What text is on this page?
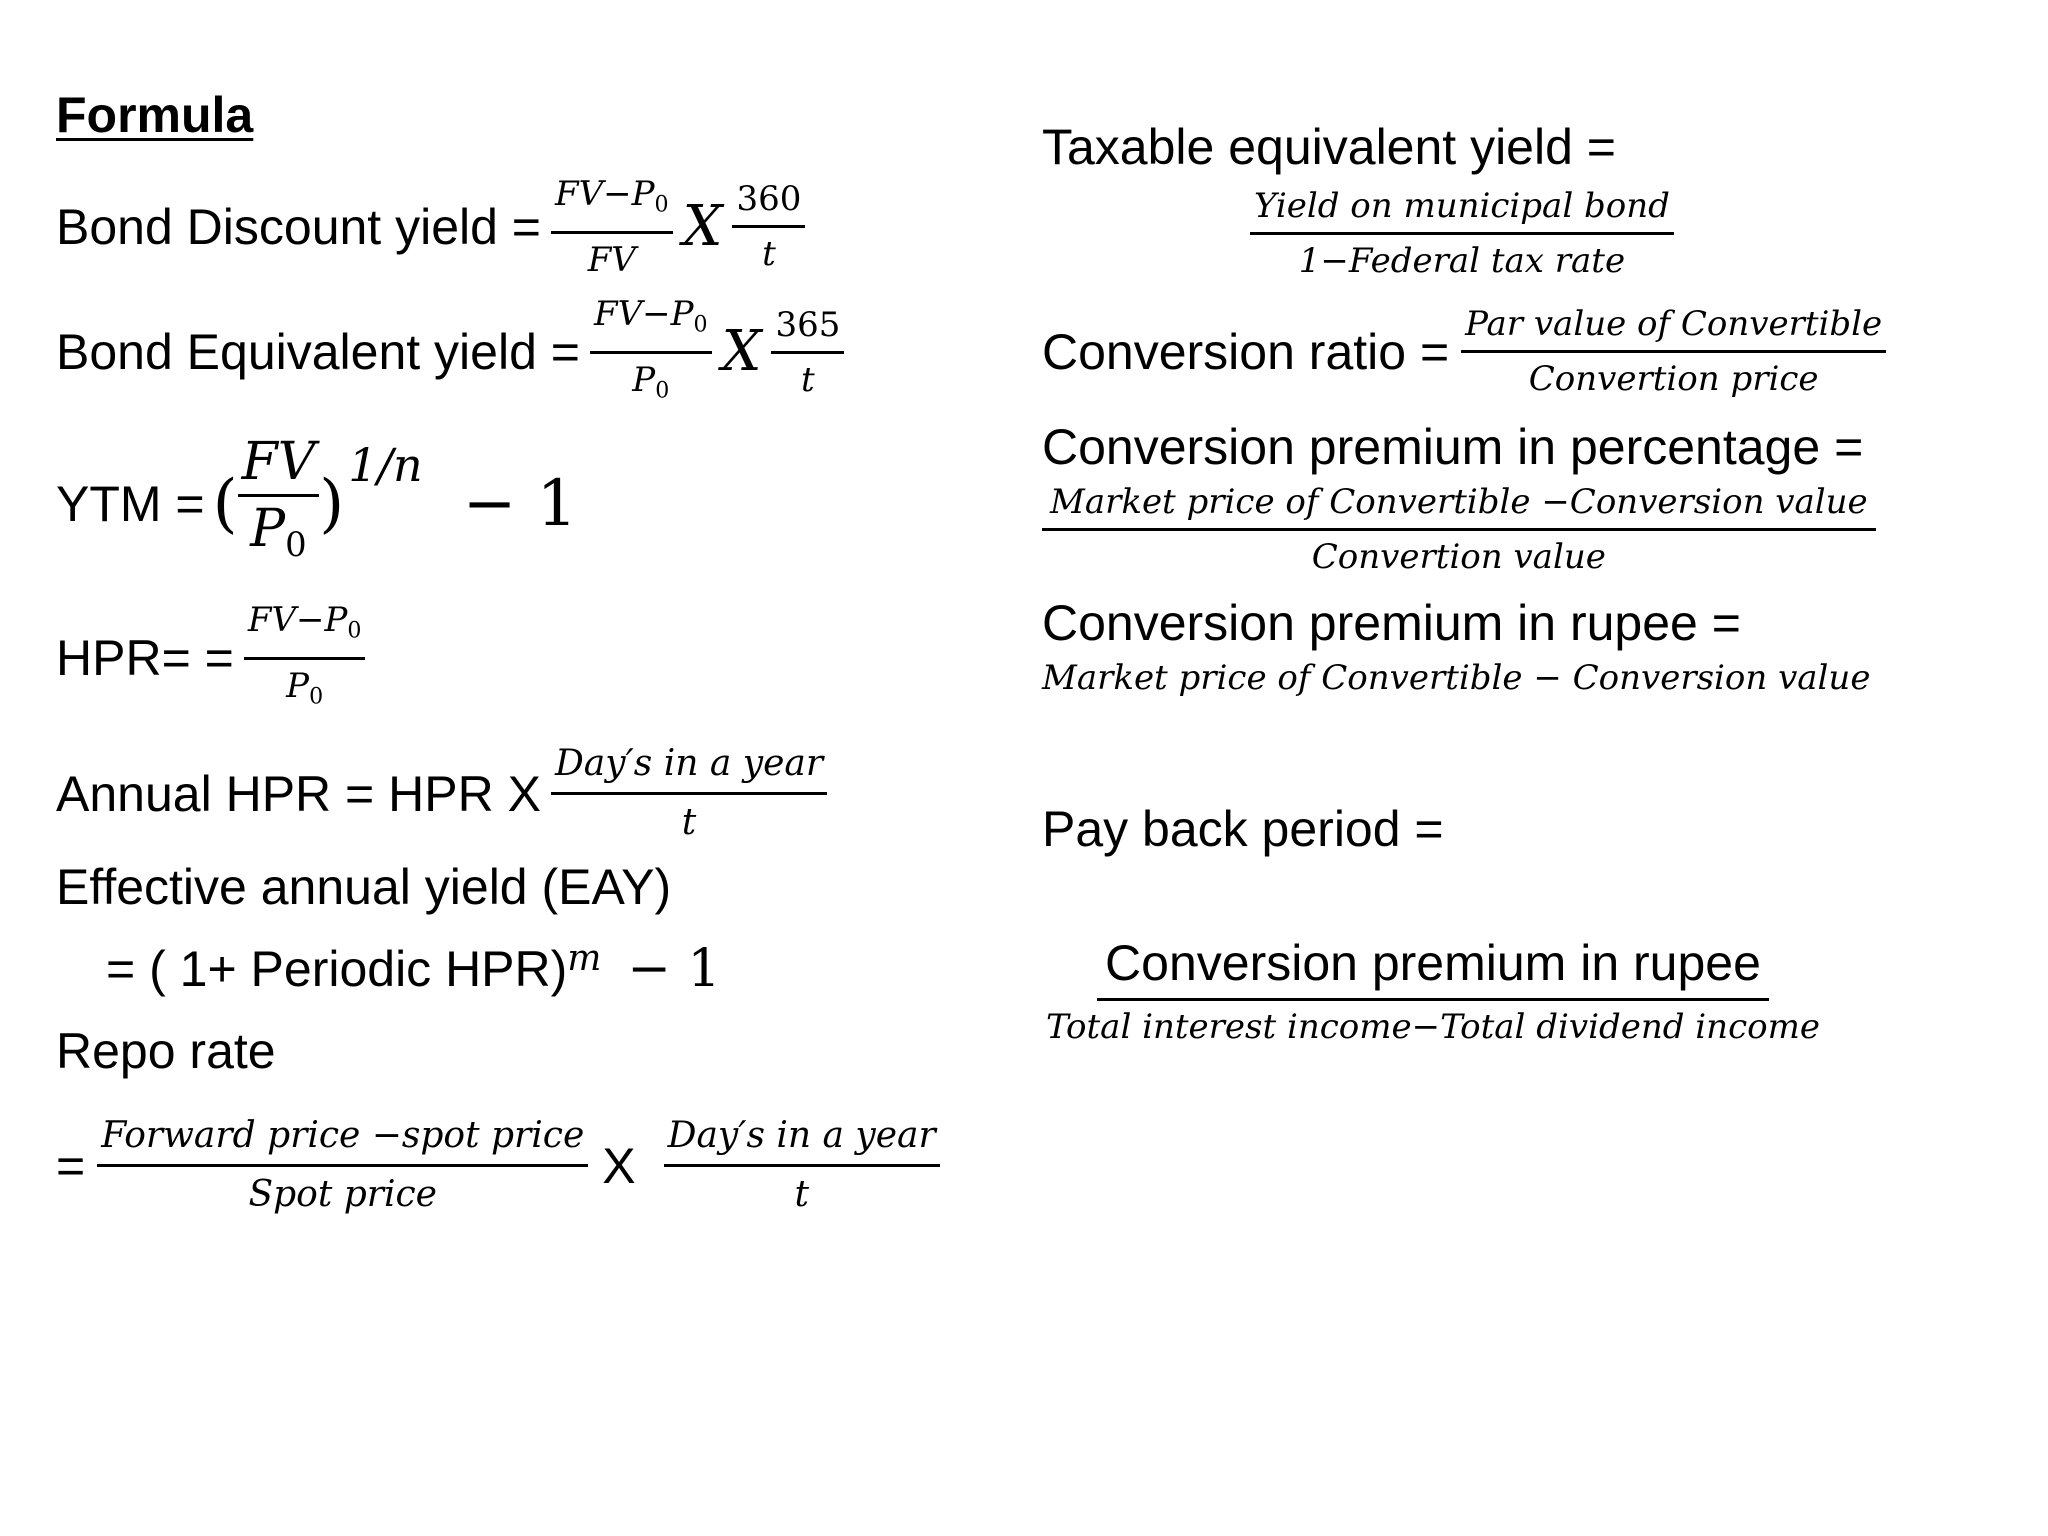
Formula
Bond Discount yield = $\frac{FV-P_0}{FV}$ X $\frac{360}{t}$
Bond Equivalent yield = $\frac{FV-P_0}{P_0}$ X $\frac{365}{t}$
YTM = ( $\frac{FV}{P_0}$ )
1/n
− 1
$HPR= = \frac{FV-P_0}{P_0}$
Annual HPR = HPR X $\frac{\text{Day′s in a year}}{t}$
Effective annual yield (EAY)
= ( 1+ Periodic HPR) m − 1
Repo rate
= $\frac{\text{Forward price −spot price}}{\text{Spot price}}$ X $\frac{\text{Day′s in a year}}{t}$
Taxable equivalent yield =
$\frac{\text{Yield on municipal bond}}{\text{1−Federal tax rate}}$
Conversion ratio = $\frac{\text{Par value of Convertible}}{\text{Convertion price}}$
Conversion premium in percentage =
$\frac{\text{Market price of Convertible −Conversion value}}{\text{Convertion value}}$
Conversion premium in rupee =
Market price of Convertible − Conversion value
Pay back period =
$\frac{\text{Conversion premium in rupee}}{\text{Total interest income−Total dividend income}}$
